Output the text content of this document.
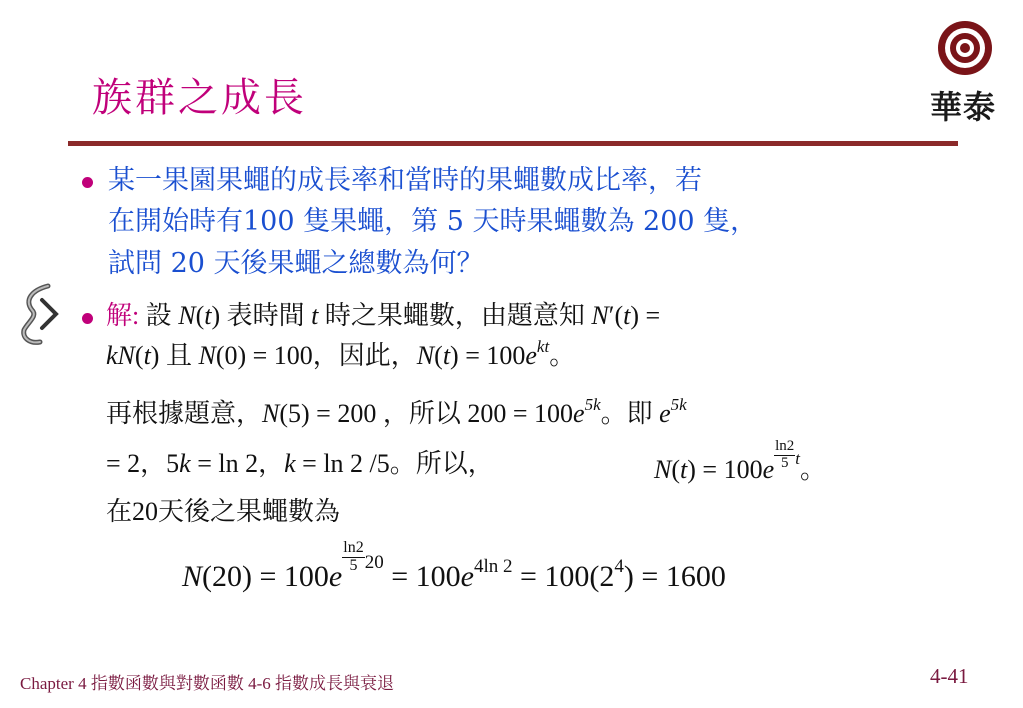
族群之成長	華泰
某一果園果蠅的成長率和當時的果蠅數成比率，若
在開始時有100 隻果蠅，第 5 天時果蠅數為 200 隻，
試問 20 天後果蠅之總數為何？
解: 設 N(t) 表時間 t 時之果蠅數，由題意知 N′(t) =
kN(t) 且 N(0) = 100，因此，$N(t) = 100e^{kt}$。
再根據題意，N(5) = 200 ，所以 $200 = 100e^{5k}$。即 $e^{5k}$
= 2，5k = ln 2，k = ln 2 /5。所以，	$N(t) = 100e \frac{\ln 2}{5} ^t$。
在20天後之果蠅數為
N(20) = 100e
$\frac{\ln 2}{5} ^{20} = 100e^{4ln 2} = 100(2^4) = 1600$
Chapter 4 指數函數與對數函數 4-6 指數成長與衰退	4-41
